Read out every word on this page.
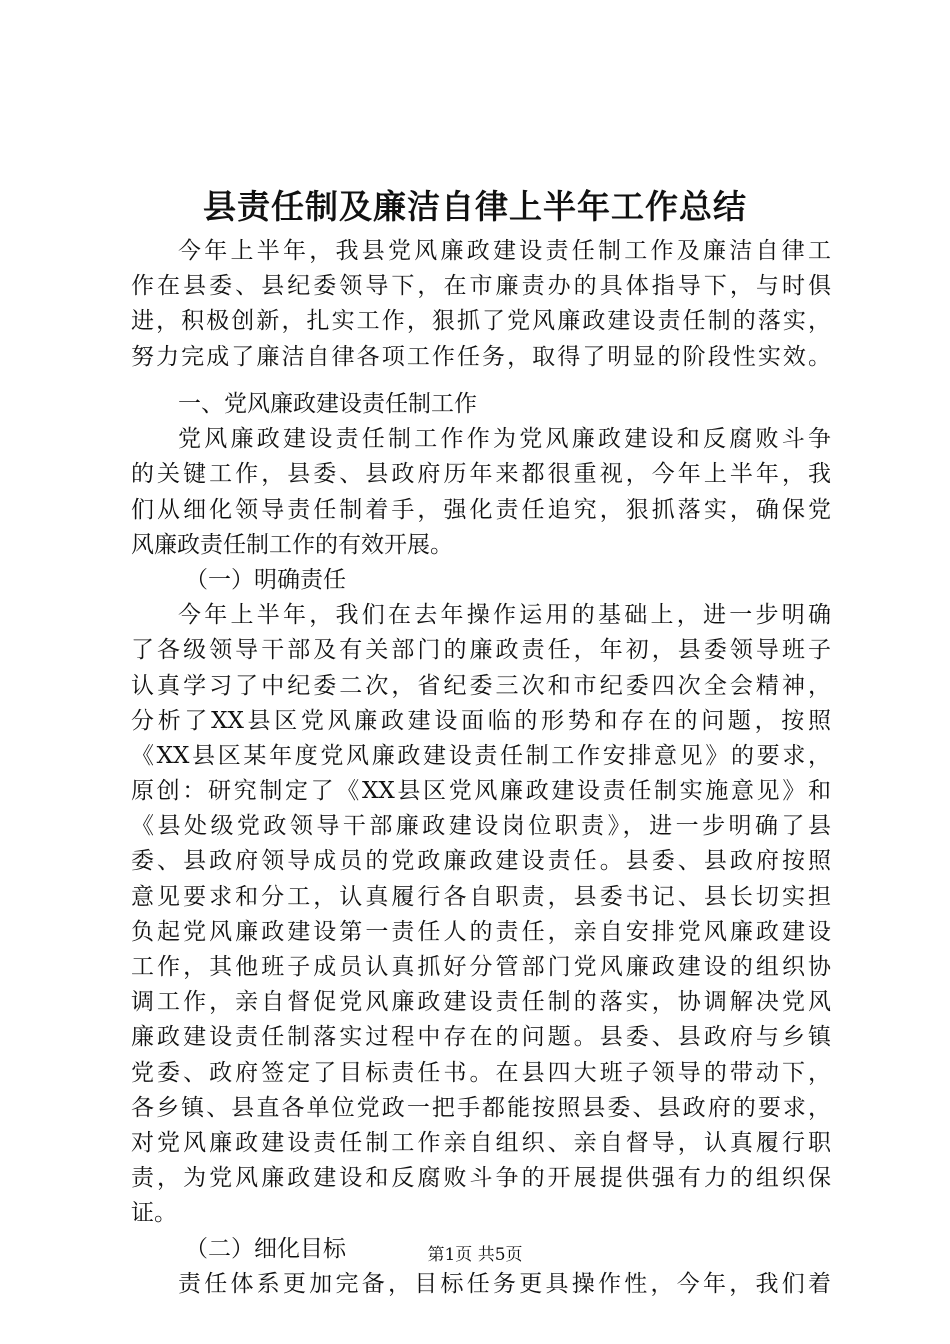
县责任制及廉洁自律上半年工作总结
今年上半年，我县党风廉政建设责任制工作及廉洁自律工
作在县委、县纪委领导下，在市廉责办的具体指导下，与时俱
进，积极创新，扎实工作，狠抓了党风廉政建设责任制的落实，
努力完成了廉洁自律各项工作任务，取得了明显的阶段性实效。
一、党风廉政建设责任制工作
党风廉政建设责任制工作作为党风廉政建设和反腐败斗争
的关键工作，县委、县政府历年来都很重视，今年上半年，我
们从细化领导责任制着手，强化责任追究，狠抓落实，确保党
风廉政责任制工作的有效开展。
（一）明确责任
今年上半年，我们在去年操作运用的基础上，进一步明确
了各级领导干部及有关部门的廉政责任，年初，县委领导班子
认真学习了中纪委二次，省纪委三次和市纪委四次全会精神，
分析了XX县区党风廉政建设面临的形势和存在的问题，按照
《XX县区某年度党风廉政建设责任制工作安排意见》的要求，
原创：研究制定了《XX县区党风廉政建设责任制实施意见》和
《县处级党政领导干部廉政建设岗位职责》，进一步明确了县
委、县政府领导成员的党政廉政建设责任。县委、县政府按照
意见要求和分工，认真履行各自职责，县委书记、县长切实担
负起党风廉政建设第一责任人的责任，亲自安排党风廉政建设
工作，其他班子成员认真抓好分管部门党风廉政建设的组织协
调工作，亲自督促党风廉政建设责任制的落实，协调解决党风
廉政建设责任制落实过程中存在的问题。县委、县政府与乡镇
党委、政府签定了目标责任书。在县四大班子领导的带动下，
各乡镇、县直各单位党政一把手都能按照县委、县政府的要求，
对党风廉政建设责任制工作亲自组织、亲自督导，认真履行职
责，为党风廉政建设和反腐败斗争的开展提供强有力的组织保
证。
（二）细化目标
责任体系更加完备，目标任务更具操作性，今年，我们着
第1页 共5页
